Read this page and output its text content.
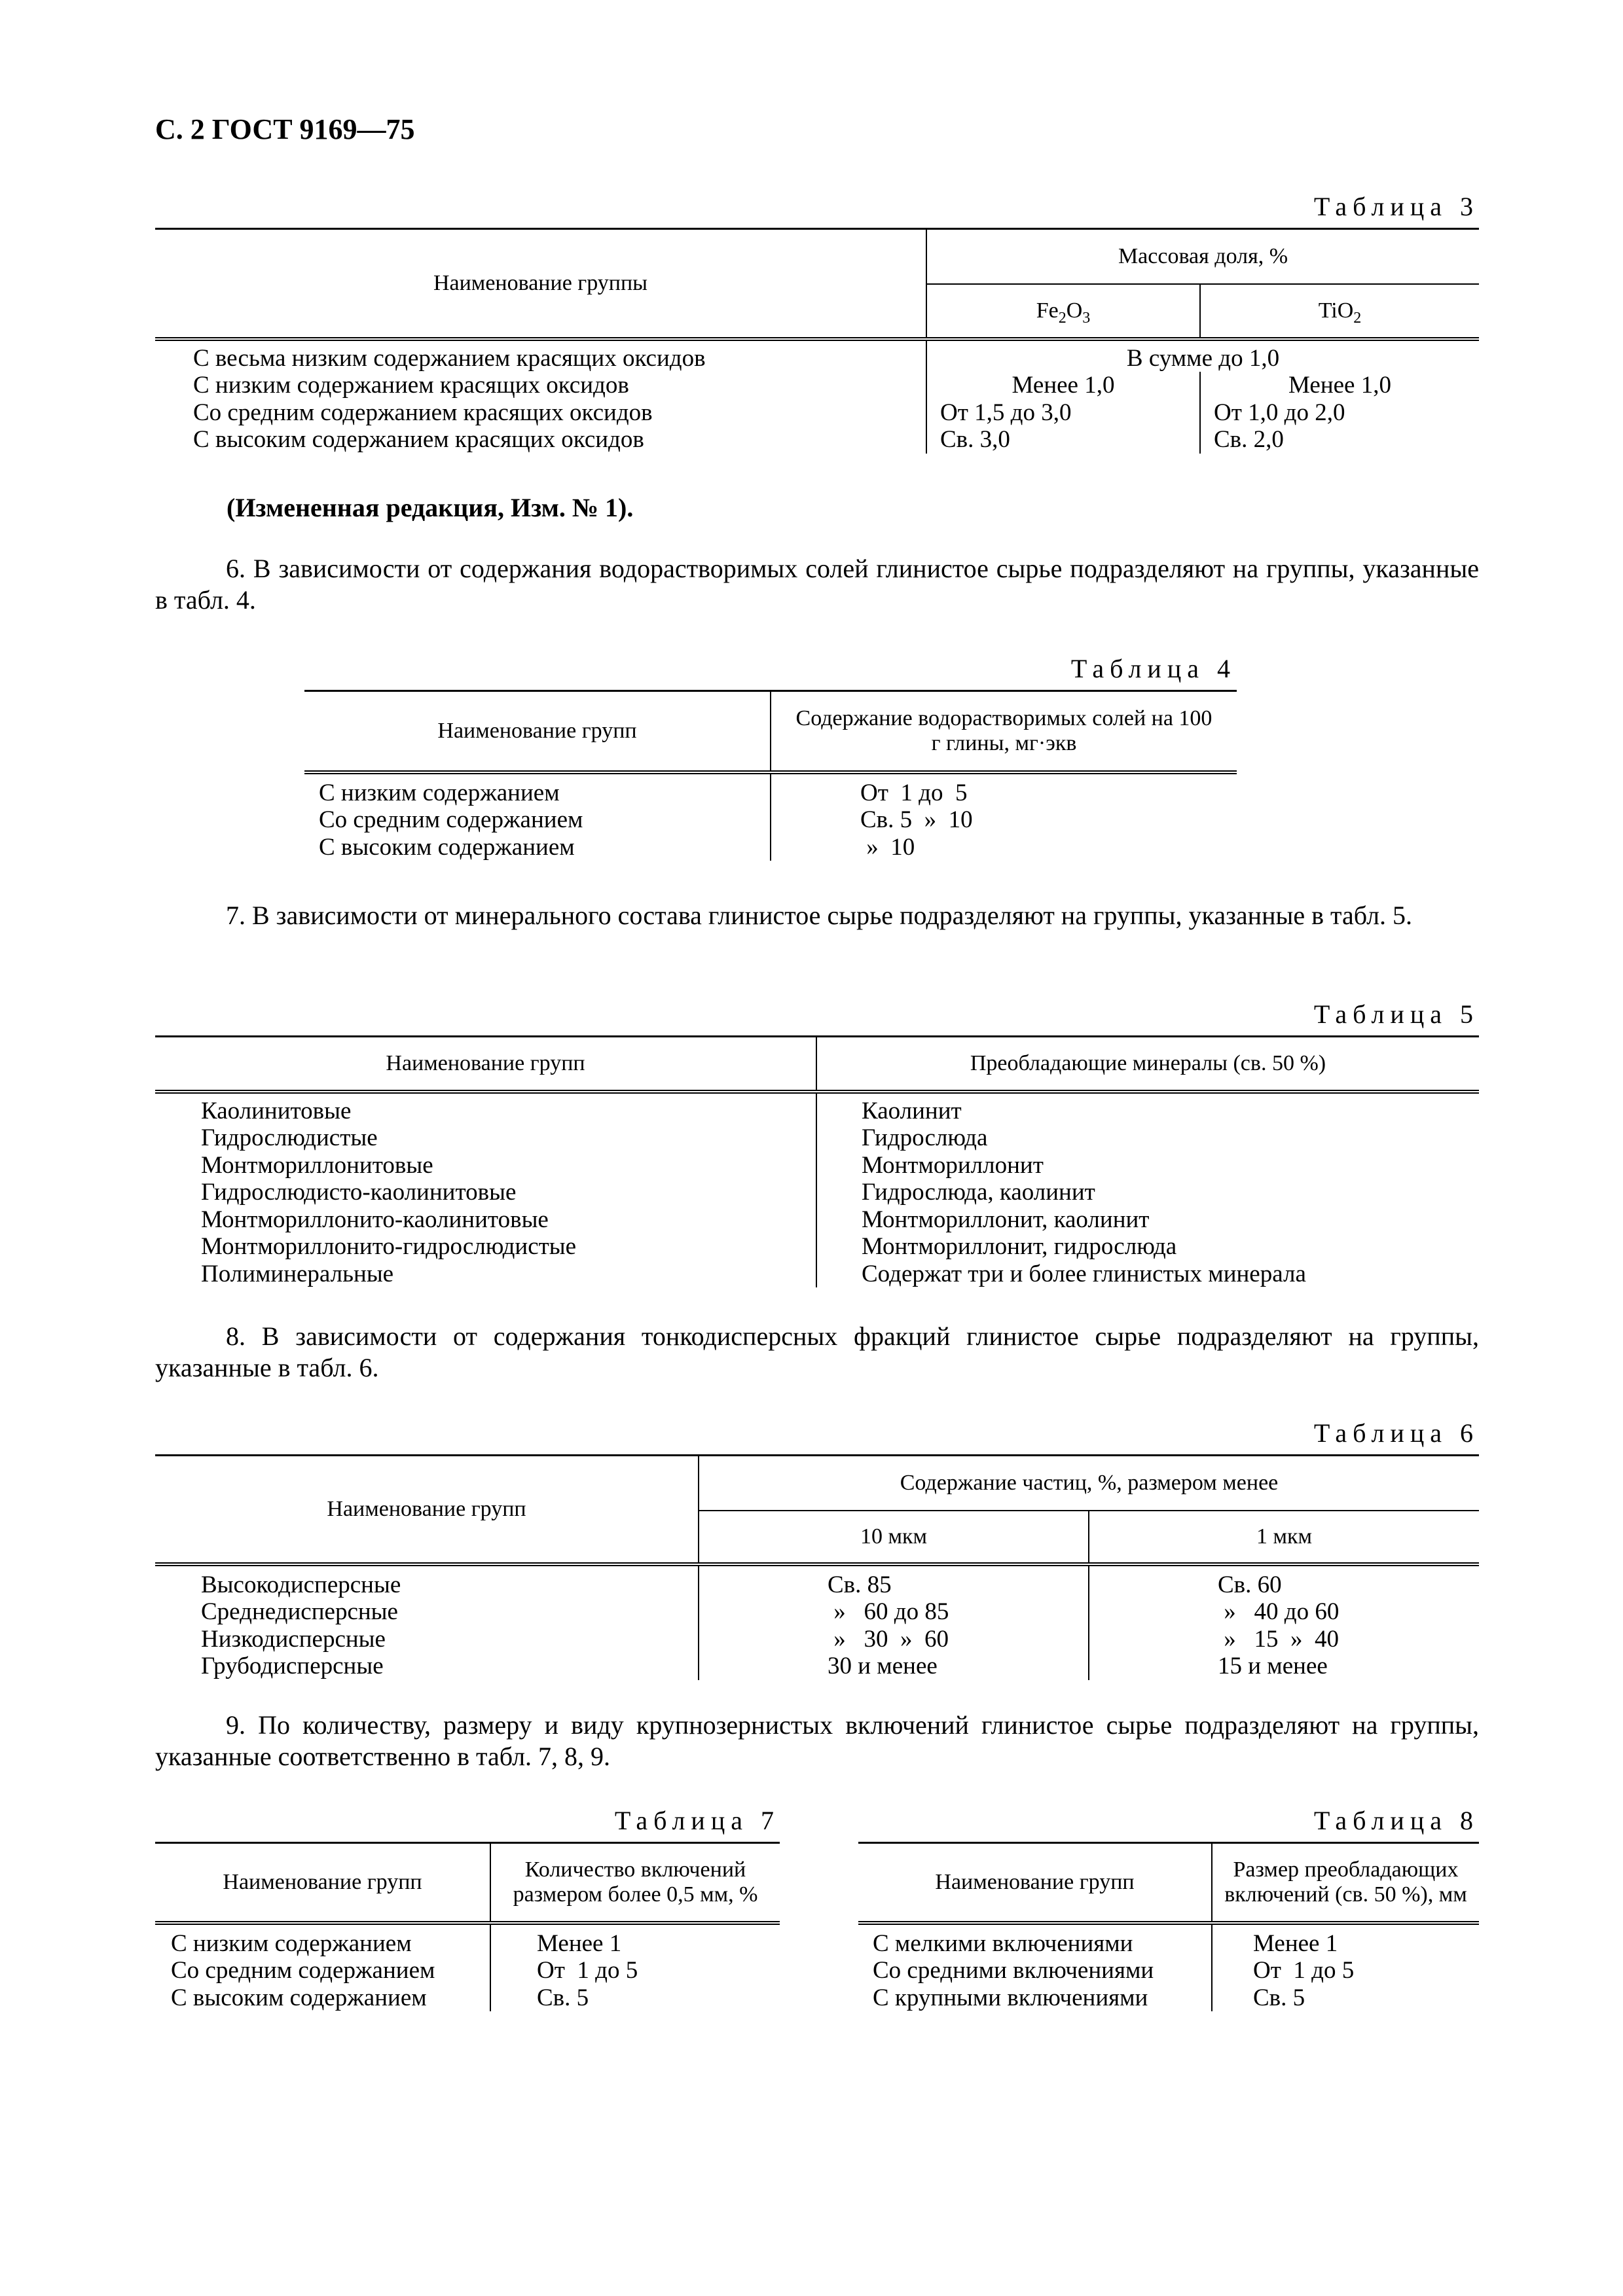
С. 2 ГОСТ 9169—75
Таблица 3
Наименование группы	Массовая доля, %	
	$Fe_2O_3$	TiO$_2$
С весьма низким содержанием красящих оксидов	В сумме до 1,0	
С низким содержанием красящих оксидов	Менее 1,0	Менее 1,0
Со средним содержанием красящих оксидов	От 1,5 до 3,0	От 1,0 до 2,0
С высоким содержанием красящих оксидов	Св. 3,0	Св. 2,0
(Измененная редакция, Изм. № 1).
6. В зависимости от содержания водорастворимых солей глинистое сырье подразделяют на группы, указанные в табл. 4.
Таблица 4
Наименование групп	Содержание водорастворимых солей на 100 г глины, мг·экв
С низким содержанием	От  1 до  5
Со средним содержанием	Св. 5  »  10
С высоким содержанием	»  10
7. В зависимости от минерального состава глинистое сырье подразделяют на группы, указанные в табл. 5.
Таблица 5
Наименование групп	Преобладающие минералы (св. 50 %)
Каолинитовые	Каолинит
Гидрослюдистые	Гидрослюда
Монтмориллонитовые	Монтмориллонит
Гидрослюдисто-каолинитовые	Гидрослюда, каолинит
Монтмориллонито-каолинитовые	Монтмориллонит, каолинит
Монтмориллонито-гидрослюдистые	Монтмориллонит, гидрослюда
Полиминеральные	Содержат три и более глинистых минерала
8. В зависимости от содержания тонкодисперсных фракций глинистое сырье подразделяют на группы, указанные в табл. 6.
Таблица 6
Наименование групп	Содержание частиц, %, размером менее	
	10 мкм	1 мкм
Высокодисперсные	Св. 85	Св. 60
Среднедисперсные	»   60 до 85	»   40 до 60
Низкодисперсные	»   30  »  60	»   15  »  40
Грубодисперсные	30 и менее	15 и менее
9. По количеству, размеру и виду крупнозернистых включений глинистое сырье подразделяют на группы, указанные соответственно в табл. 7, 8, 9.
Таблица 7
Наименование групп	Количество включений размером более 0,5 мм, %
С низким содержанием	Менее 1
Со средним содержанием	От  1 до 5
С высоким содержанием	Св. 5
Таблица 8
Наименование групп	Размер преобладающих включений (св. 50 %), мм
С мелкими включениями	Менее 1
Со средними включениями	От  1 до 5
С крупными включениями	Св. 5
